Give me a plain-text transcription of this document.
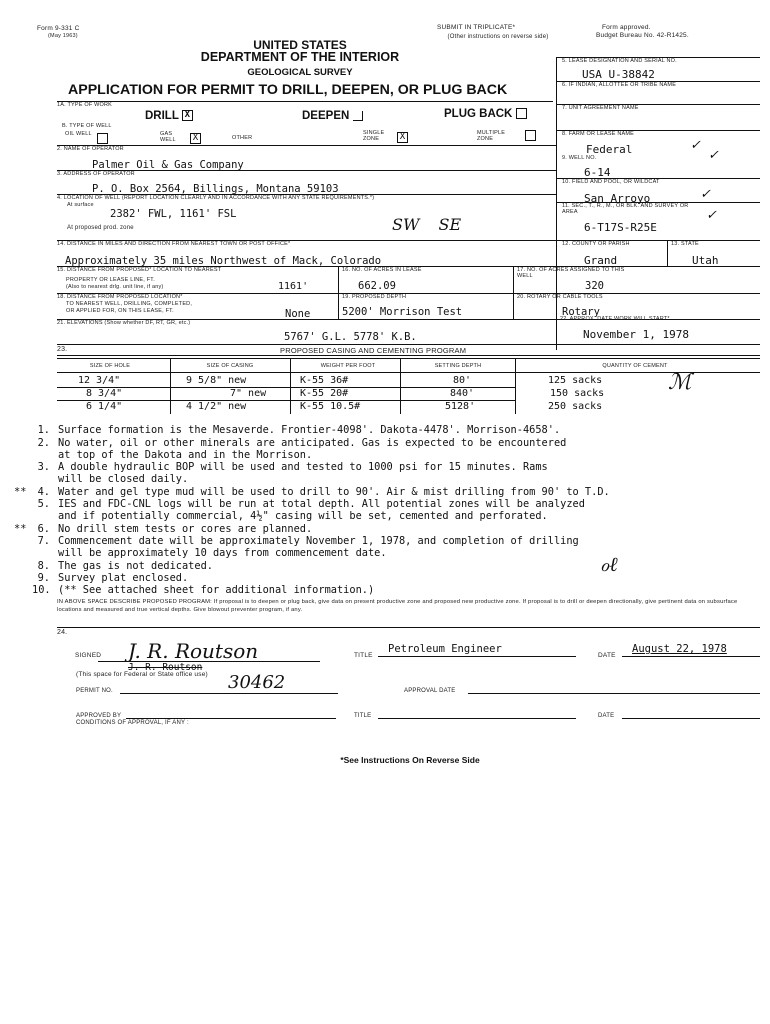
Form 9-331 C
(May 1963)
SUBMIT IN TRIPLICATE*
(Other instructions on reverse side)
Form approved.
Budget Bureau No. 42-R1425.
UNITED STATES
DEPARTMENT OF THE INTERIOR
GEOLOGICAL SURVEY
APPLICATION FOR PERMIT TO DRILL, DEEPEN, OR PLUG BACK
5. LEASE DESIGNATION AND SERIAL NO.
USA U-38842
6. IF INDIAN, ALLOTTEE OR TRIBE NAME
7. UNIT AGREEMENT NAME
8. FARM OR LEASE NAME
Federal	✓
9. WELL NO.
6-14
✓
10. FIELD AND POOL, OR WILDCAT
San Arroyo	✓
11. SEC., T., R., M., OR BLK. AND SURVEY OR AREA
6-T17S-R25E
✓
12. COUNTY OR PARISH	13. STATE
Grand	Utah
1A. TYPE OF WORK
DRILL X	DEEPEN	PLUG BACK
B. TYPE OF WELL
OIL WELL	GAS WELL	X	OTHER
SINGLE ZONE	X	MULTIPLE ZONE
2. NAME OF OPERATOR
Palmer Oil & Gas Company
3. ADDRESS OF OPERATOR
P. O. Box 2564, Billings, Montana 59103
4. LOCATION OF WELL (REPORT LOCATION CLEARLY AND IN ACCORDANCE WITH ANY STATE REQUIREMENTS.*)
At surface
2382' FWL, 1161' FSL
SW SE
At proposed prod. zone
14. DISTANCE IN MILES AND DIRECTION FROM NEAREST TOWN OR POST OFFICE*
Approximately 35 miles Northwest of Mack, Colorado
15. DISTANCE FROM PROPOSED* LOCATION TO NEAREST
PROPERTY OR LEASE LINE, FT.
(Also to nearest drlg. unit line, if any)	1161'
16. NO. OF ACRES IN LEASE
662.09
17. NO. OF ACRES ASSIGNED TO THIS WELL
320
18. DISTANCE FROM PROPOSED LOCATION*
TO NEAREST WELL, DRILLING, COMPLETED,
OR APPLIED FOR, ON THIS LEASE, FT.	None
19. PROPOSED DEPTH
5200' Morrison Test
20. ROTARY OR CABLE TOOLS
Rotary
21. ELEVATIONS (Show whether DF, RT, GR, etc.)
5767' G.L. 5778' K.B.
22. APPROX. DATE WORK WILL START*
November 1, 1978
23.	PROPOSED CASING AND CEMENTING PROGRAM
SIZE OF HOLE	SIZE OF CASING	WEIGHT PER FOOT	SETTING DEPTH	QUANTITY OF CEMENT
12 3/4"	9 5/8" new	K-55 36#	80'	125 sacks
8 3/4"	7" new	K-55 20#	840'	150 sacks
6 1/4"	4 1/2" new	K-55 10.5#	5128'	250 sacks
ℳ
1. Surface formation is the Mesaverde. Frontier-4098'. Dakota-4478'. Morrison-4658'.
2. No water, oil or other minerals are anticipated. Gas is expected to be encountered
at top of the Dakota and in the Morrison.
3. A double hydraulic BOP will be used and tested to 1000 psi for 15 minutes. Rams
will be closed daily.
** 4. Water and gel type mud will be used to drill to 90'. Air & mist drilling from 90' to T.D.
5. IES and FDC-CNL logs will be run at total depth. All potential zones will be analyzed
and if potentially commercial, 4½" casing will be set, cemented and perforated.
** 6. No drill stem tests or cores are planned.
7. Commencement date will be approximately November 1, 1978, and completion of drilling
will be approximately 10 days from commencement date.
8. The gas is not dedicated.
9. Survey plat enclosed.
10. (** See attached sheet for additional information.)
ℴℓ
IN ABOVE SPACE DESCRIBE PROPOSED PROGRAM: If proposal is to deepen or plug back, give data on present productive zone and proposed new productive zone. If proposal is to drill or deepen directionally, give pertinent data on subsurface locations and measured and true vertical depths. Give blowout preventer program, if any.
24.
SIGNED J. R. Routson
J. R. Routson
TITLE
Petroleum Engineer
DATE
August 22, 1978
(This space for Federal or State office use)
PERMIT NO.	30462	APPROVAL DATE
APPROVED BY	TITLE	DATE
CONDITIONS OF APPROVAL, IF ANY :
*See Instructions On Reverse Side
